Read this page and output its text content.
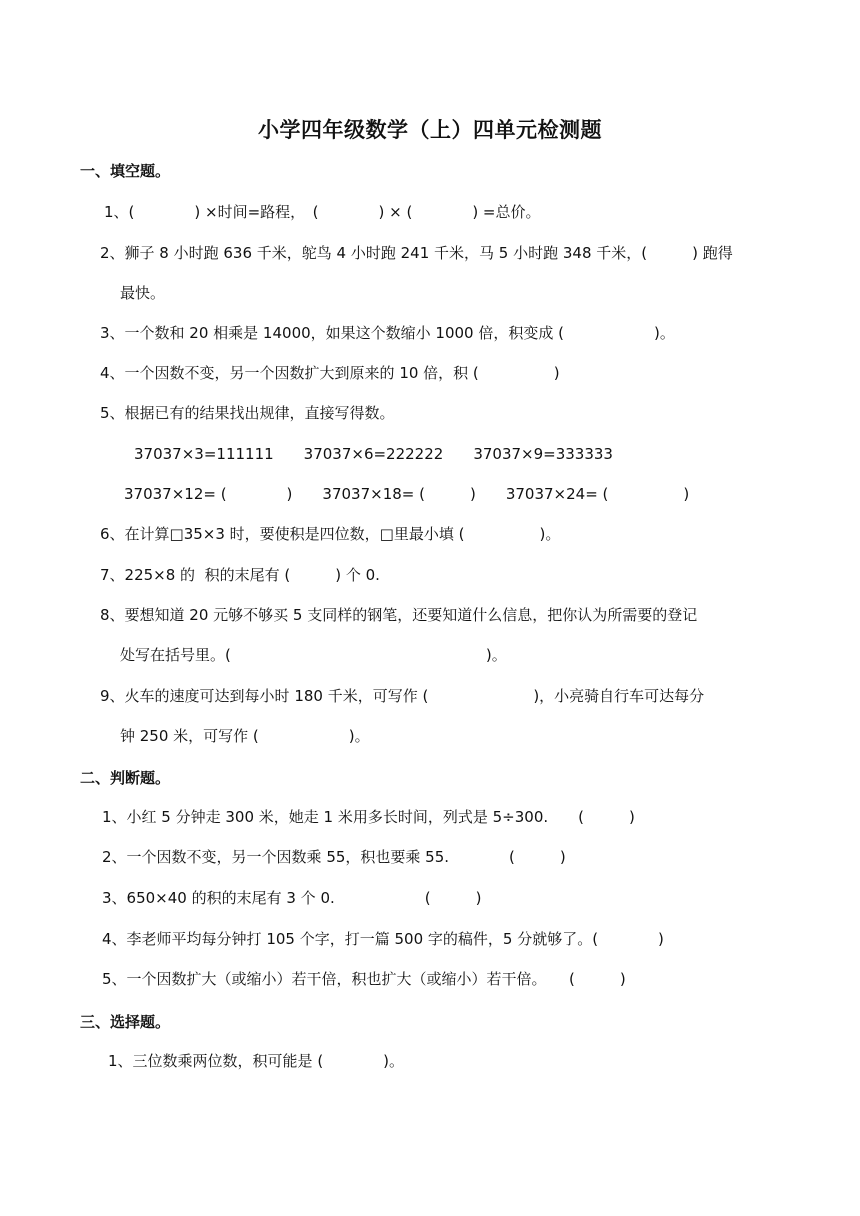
小学四年级数学（上）四单元检测题
一、填空题。
1、(　　　　) ×时间=路程，　(　　　　) × (　　　　) =总价。
2、狮子 8 小时跑 636 千米，鸵鸟 4 小时跑 241 千米，马 5 小时跑 348 千米，(　　　) 跑得
最快。
3、一个数和 20 相乘是 14000，如果这个数缩小 1000 倍，积变成 (　　　　　　)。
4、一个因数不变，另一个因数扩大到原来的 10 倍，积 (　　　　　)
5、根据已有的结果找出规律，直接写得数。
37037×3=111111　　37037×6=222222　　37037×9=333333
37037×12= (　　　　)　　37037×18= (　　　)　　37037×24= (　　　　　)
6、在计算□35×3 时，要使积是四位数，□里最小填 (　　　　　)。
7、225×8 的  积的末尾有 (　　　) 个 0.
8、要想知道 20 元够不够买 5 支同样的钢笔，还要知道什么信息，把你认为所需要的登记
处写在括号里。(　　　　　　　　　　　　　　　　　)。
9、火车的速度可达到每小时 180 千米，可写作 (　　　　　　　)，小亮骑自行车可达每分
钟 250 米，可写作 (　　　　　　)。
二、判断题。
1、小红 5 分钟走 300 米，她走 1 米用多长时间，列式是 5÷300.　　(　　　)
2、一个因数不变，另一个因数乘 55，积也要乘 55.　　　　(　　　)
3、650×40 的积的末尾有 3 个 0.　　　　　　(　　　)
4、李老师平均每分钟打 105 个字，打一篇 500 字的稿件，5 分就够了。(　　　　)
5、一个因数扩大（或缩小）若干倍，积也扩大（或缩小）若干倍。　　(　　　)
三、选择题。
1、三位数乘两位数，积可能是 (　　　　)。
